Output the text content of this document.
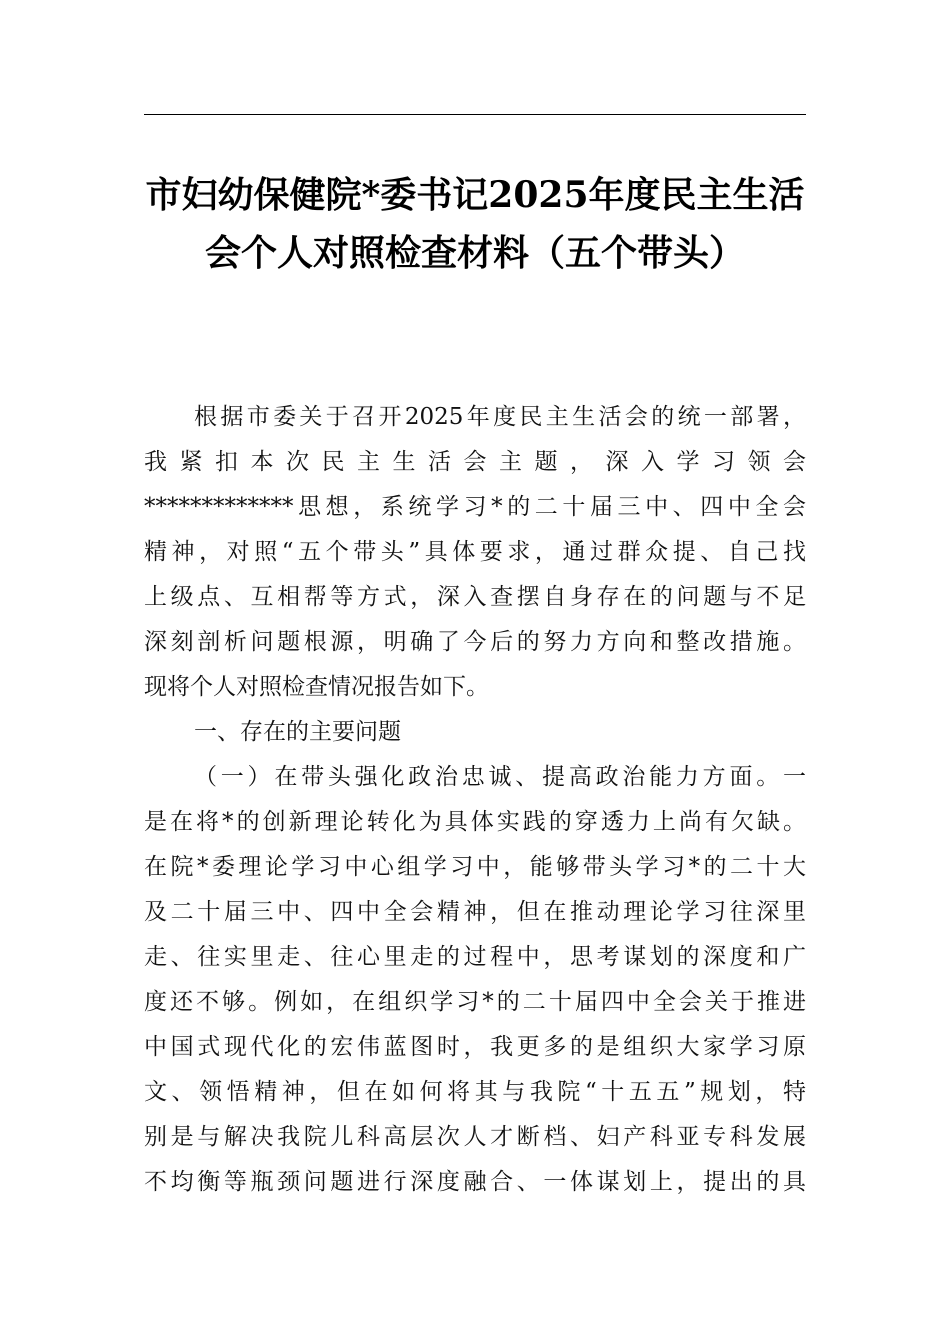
市妇幼保健院*委书记2025年度民主生活
会个人对照检查材料（五个带头）
根据市委关于召开2025年度民主生活会的统一部署，
我紧扣本次民主生活会主题，深入学习领会
*************思想，系统学习*的二十届三中、四中全会
精神，对照“五个带头”具体要求，通过群众提、自己找
上级点、互相帮等方式，深入查摆自身存在的问题与不足
深刻剖析问题根源，明确了今后的努力方向和整改措施。
现将个人对照检查情况报告如下。
一、存在的主要问题
（一）在带头强化政治忠诚、提高政治能力方面。一
是在将*的创新理论转化为具体实践的穿透力上尚有欠缺。
在院*委理论学习中心组学习中，能够带头学习*的二十大
及二十届三中、四中全会精神，但在推动理论学习往深里
走、往实里走、往心里走的过程中，思考谋划的深度和广
度还不够。例如，在组织学习*的二十届四中全会关于推进
中国式现代化的宏伟蓝图时，我更多的是组织大家学习原
文、领悟精神，但在如何将其与我院“十五五”规划，特
别是与解决我院儿科高层次人才断档、妇产科亚专科发展
不均衡等瓶颈问题进行深度融合、一体谋划上，提出的具
